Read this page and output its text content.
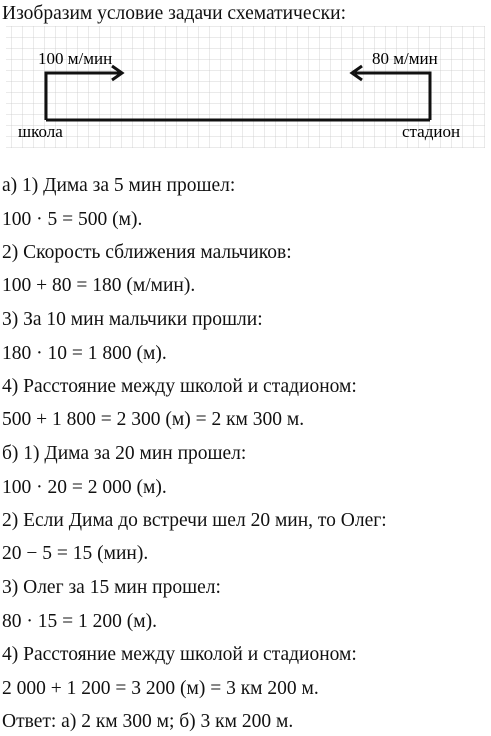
Изобразим условие задачи схематически:
100 м/мин	80 м/мин
школа	стадион
а) 1) Дима за 5 мин прошел:
100 · 5 = 500 (м).
2) Скорость сближения мальчиков:
100 + 80 = 180 (м/мин).
3) За 10 мин мальчики прошли:
180 · 10 = 1 800 (м).
4) Расстояние между школой и стадионом:
500 + 1 800 = 2 300 (м) = 2 км 300 м.
б) 1) Дима за 20 мин прошел:
100 · 20 = 2 000 (м).
2) Если Дима до встречи шел 20 мин, то Олег:
20 − 5 = 15 (мин).
3) Олег за 15 мин прошел:
80 · 15 = 1 200 (м).
4) Расстояние между школой и стадионом:
2 000 + 1 200 = 3 200 (м) = 3 км 200 м.
Ответ: а) 2 км 300 м; б) 3 км 200 м.
